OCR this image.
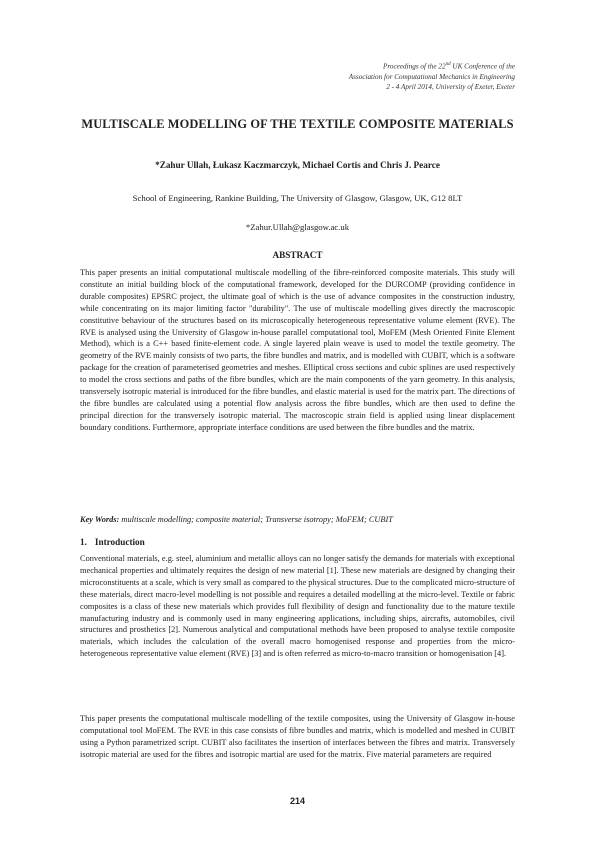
Proceedings of the 22nd UK Conference of the
Association for Computational Mechanics in Engineering
2 - 4 April 2014, University of Exeter, Exeter
MULTISCALE MODELLING OF THE TEXTILE COMPOSITE MATERIALS
*Zahur Ullah, Łukasz Kaczmarczyk, Michael Cortis and Chris J. Pearce
School of Engineering, Rankine Building, The University of Glasgow, Glasgow, UK, G12 8LT
*Zahur.Ullah@glasgow.ac.uk
ABSTRACT
This paper presents an initial computational multiscale modelling of the fibre-reinforced composite materials. This study will constitute an initial building block of the computational framework, developed for the DURCOMP (providing confidence in durable composites) EPSRC project, the ultimate goal of which is the use of advance composites in the construction industry, while concentrating on its major limiting factor "durability". The use of multiscale modelling gives directly the macroscopic constitutive behaviour of the structures based on its microscopically heterogeneous representative volume element (RVE). The RVE is analysed using the University of Glasgow in-house parallel computational tool, MoFEM (Mesh Oriented Finite Element Method), which is a C++ based finite-element code. A single layered plain weave is used to model the textile geometry. The geometry of the RVE mainly consists of two parts, the fibre bundles and matrix, and is modelled with CUBIT, which is a software package for the creation of parameterised geometries and meshes. Elliptical cross sections and cubic splines are used respectively to model the cross sections and paths of the fibre bundles, which are the main components of the yarn geometry. In this analysis, transversely isotropic material is introduced for the fibre bundles, and elastic material is used for the matrix part. The directions of the fibre bundles are calculated using a potential flow analysis across the fibre bundles, which are then used to define the principal direction for the transversely isotropic material. The macroscopic strain field is applied using linear displacement boundary conditions. Furthermore, appropriate interface conditions are used between the fibre bundles and the matrix.
Key Words: multiscale modelling; composite material; Transverse isotropy; MoFEM; CUBIT
1. Introduction
Conventional materials, e.g. steel, aluminium and metallic alloys can no longer satisfy the demands for materials with exceptional mechanical properties and ultimately requires the design of new material [1]. These new materials are designed by changing their microconstituents at a scale, which is very small as compared to the physical structures. Due to the complicated micro-structure of these materials, direct macro-level modelling is not possible and requires a detailed modelling at the micro-level. Textile or fabric composites is a class of these new materials which provides full flexibility of design and functionality due to the mature textile manufacturing industry and is commonly used in many engineering applications, including ships, aircrafts, automobiles, civil structures and prosthetics [2]. Numerous analytical and computational methods have been proposed to analyse textile composite materials, which includes the calculation of the overall macro homogenised response and properties from the micro-heterogeneous representative value element (RVE) [3] and is often referred as micro-to-macro transition or homogenisation [4].
This paper presents the computational multiscale modelling of the textile composites, using the University of Glasgow in-house computational tool MoFEM. The RVE in this case consists of fibre bundles and matrix, which is modelled and meshed in CUBIT using a Python parametrized script. CUBIT also facilitates the insertion of interfaces between the fibres and matrix. Transversely isotropic material are used for the fibres and isotropic martial are used for the matrix. Five material parameters are required
214
